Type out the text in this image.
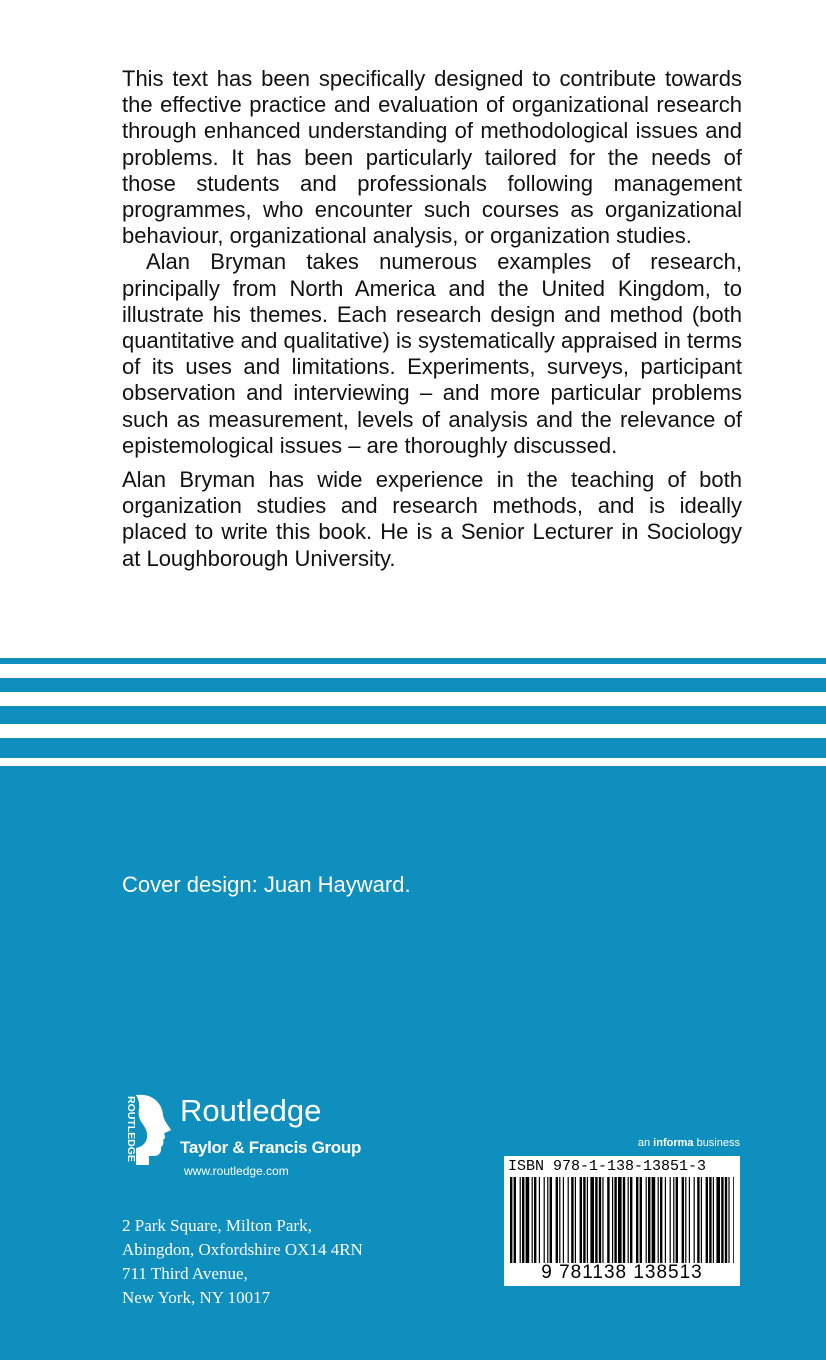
This text has been specifically designed to contribute towards the effective practice and evaluation of organizational research through enhanced understanding of methodological issues and problems. It has been particularly tailored for the needs of those students and professionals following management programmes, who encounter such courses as organizational behaviour, organizational analysis, or organization studies.

Alan Bryman takes numerous examples of research, principally from North America and the United Kingdom, to illustrate his themes. Each research design and method (both quantitative and qualitative) is systematically appraised in terms of its uses and limitations. Experiments, surveys, participant observation and interviewing – and more particular problems such as measurement, levels of analysis and the relevance of epistemological issues – are thoroughly discussed.

Alan Bryman has wide experience in the teaching of both organization studies and research methods, and is ideally placed to write this book. He is a Senior Lecturer in Sociology at Loughborough University.

Cover design: Juan Hayward.
ROUTLEDGE Routledge
Taylor & Francis Group
www.routledge.com
an informa business
2 Park Square, Milton Park,
Abingdon, Oxfordshire OX14 4RN
711 Third Avenue,
New York, NY 10017
ISBN 978-1-138-13851-3
9 781138 138513
